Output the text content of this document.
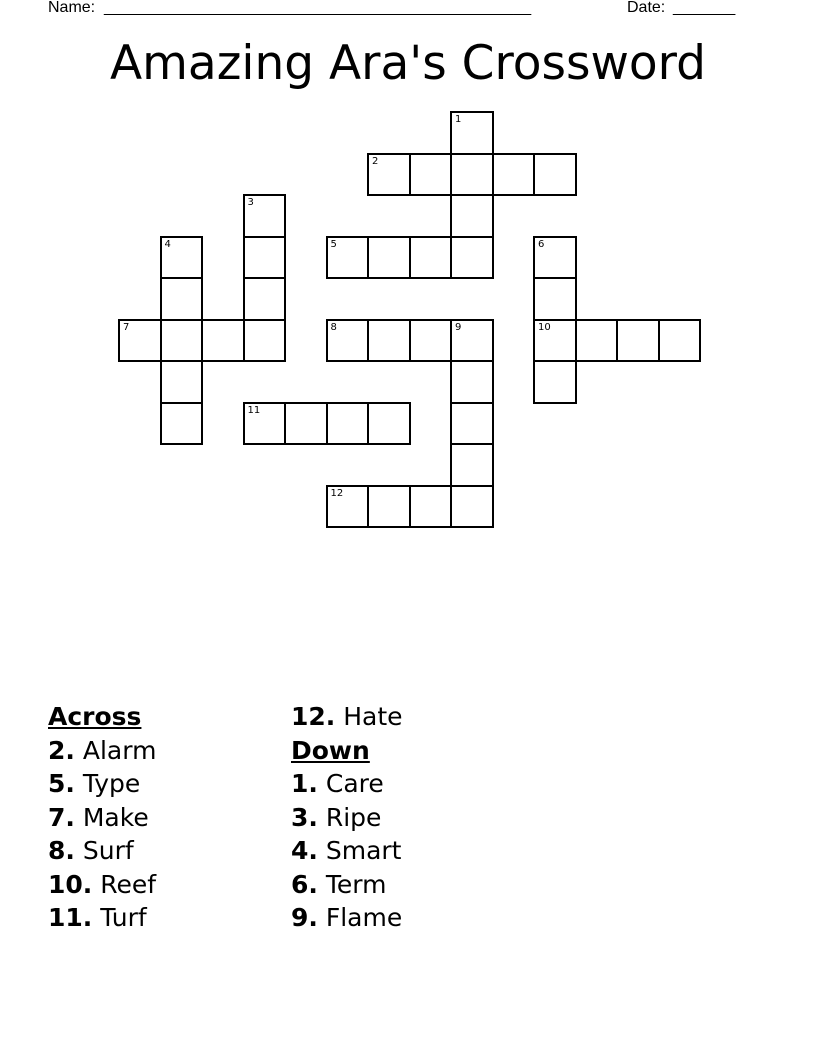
Name: ________________________________________________	Date: _______
Amazing Ara's Crossword
1
2
3
4	5	6
7	8	9	10
11
12
Across
2. Alarm
5. Type
7. Make
8. Surf
10. Reef
11. Turf
12. Hate
Down
1. Care
3. Ripe
4. Smart
6. Term
9. Flame
